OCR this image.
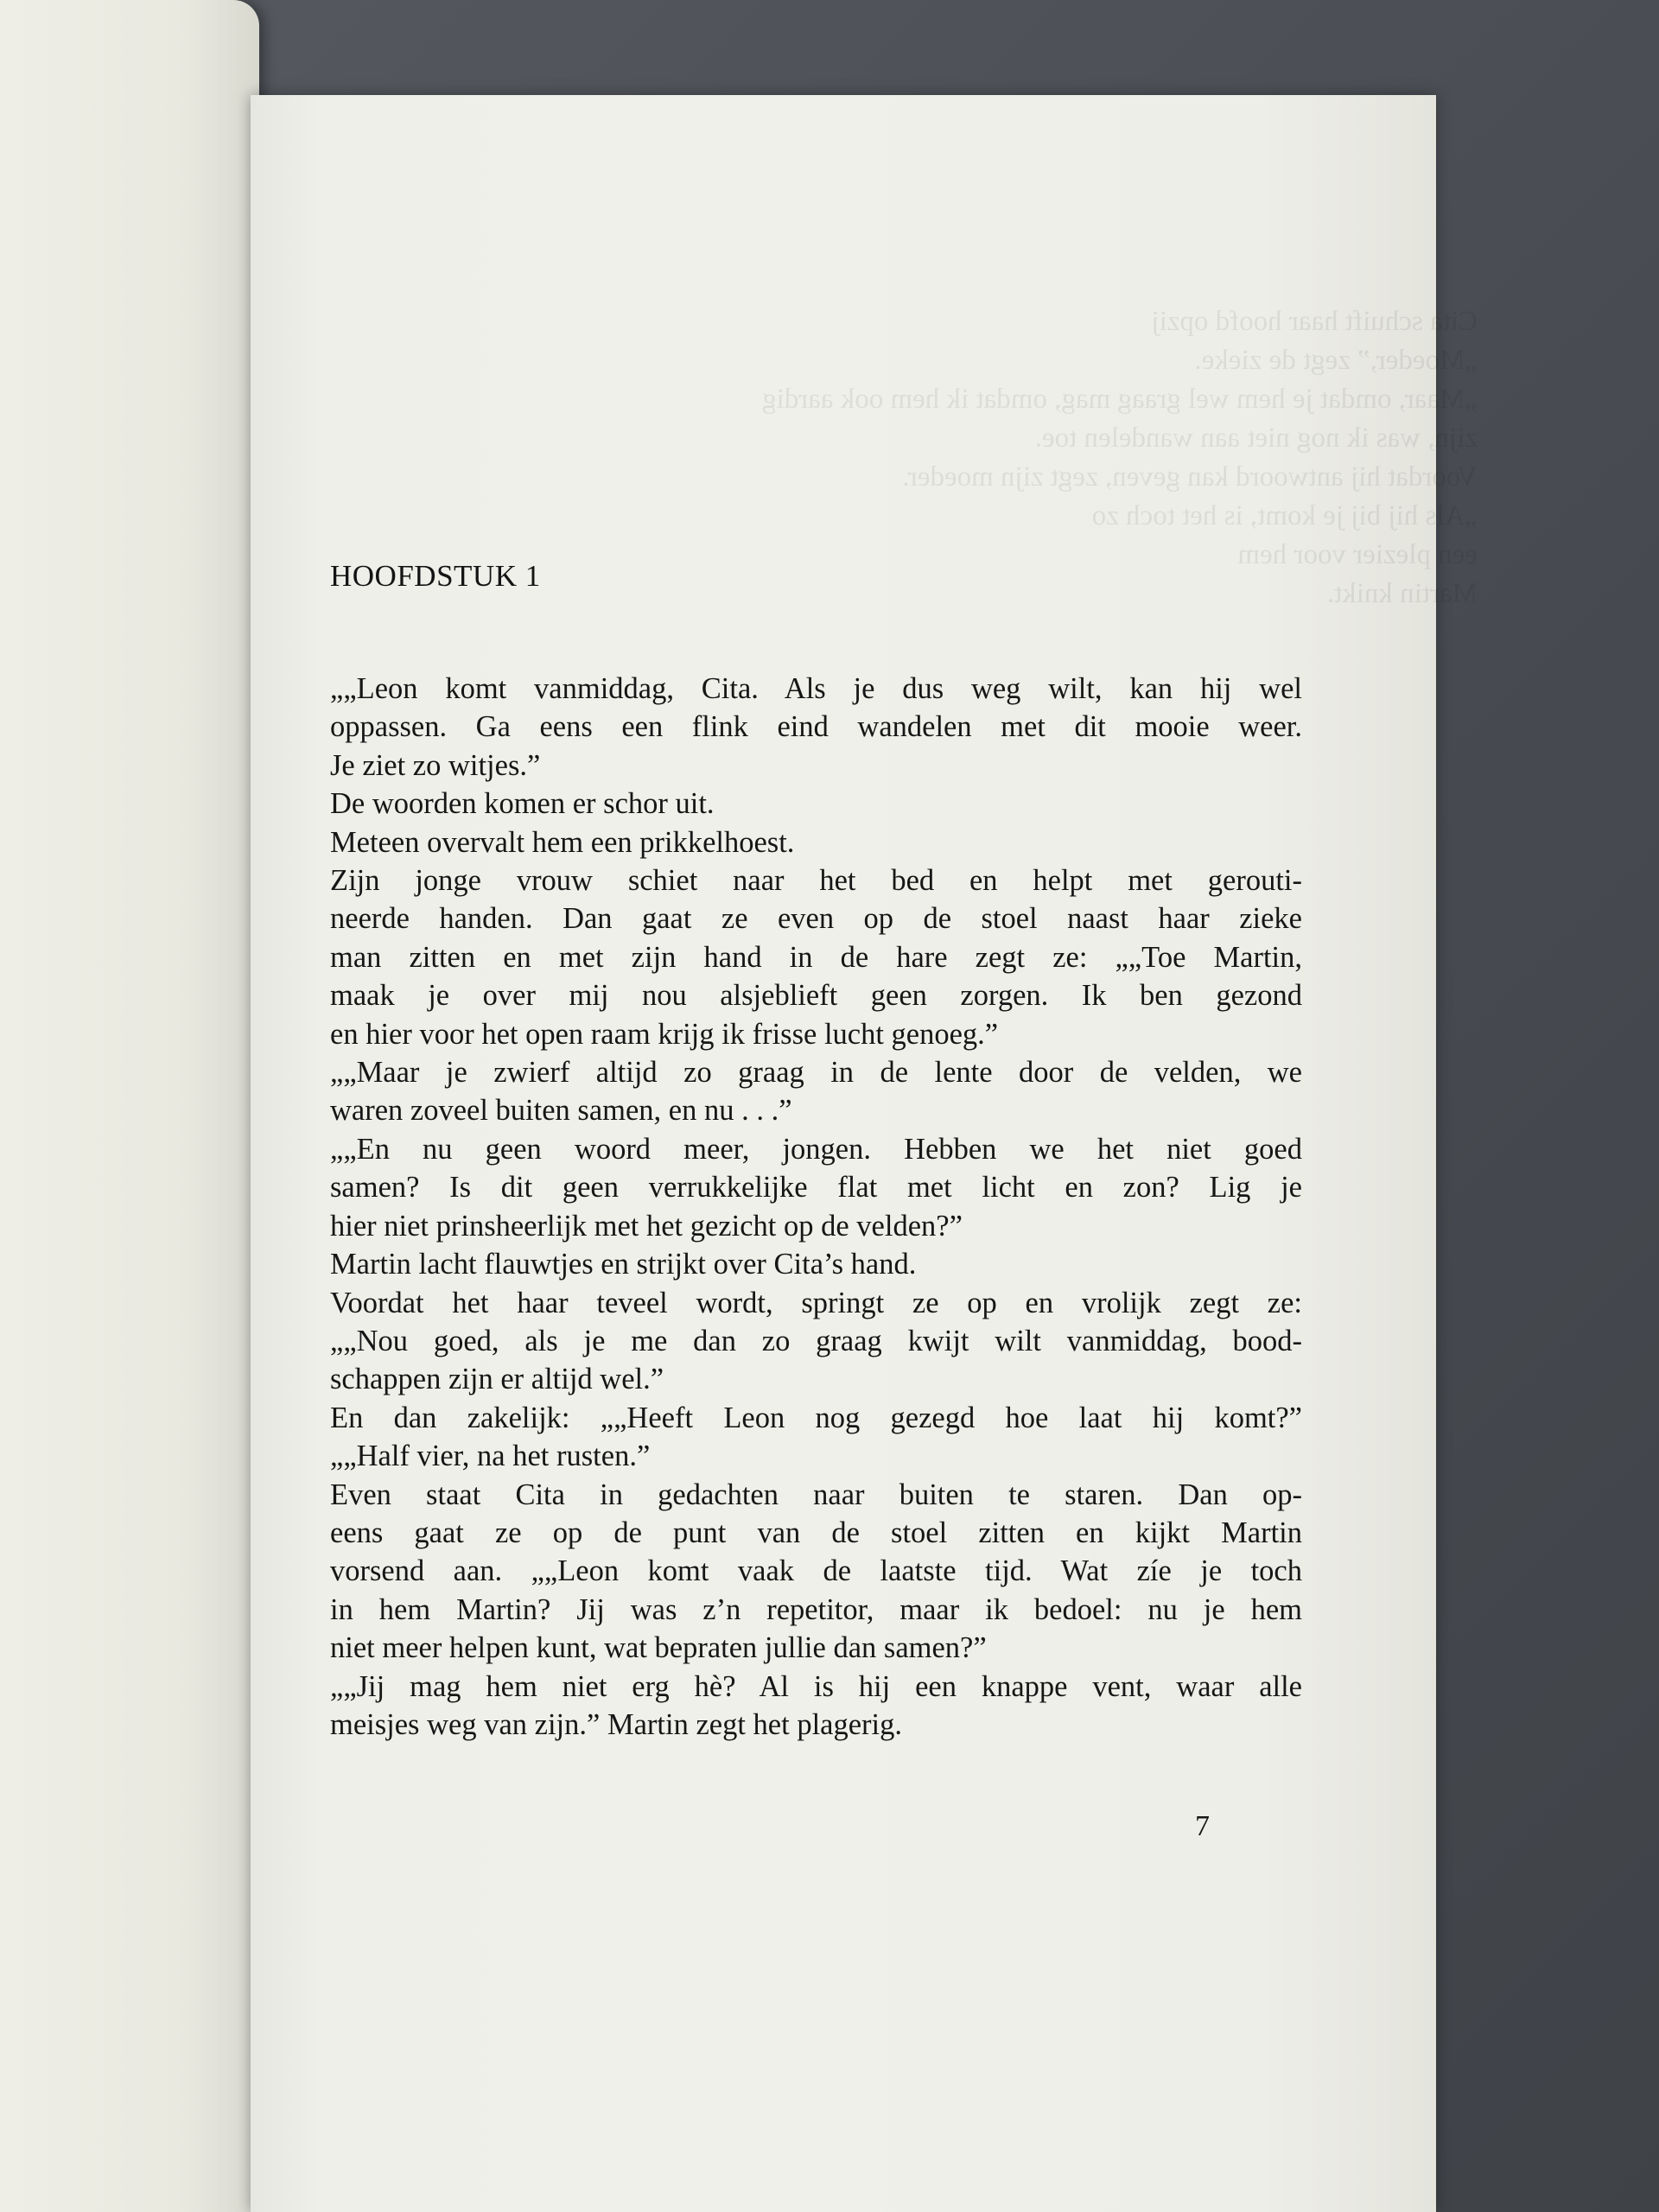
schuift haar hoofd opzij
„Moeder,” zegt de zieke.
omdat je hem wel graag mag, omdat ik hem ook aardig
was ik nog niet aan wandelen toe.
Voordat hij antwoord kan geven, zegt zijn moeder.
hij bij je komt, is het toch zo
plezier voor hem
knikt.
HOOFDSTUK 1
„„Leon komt vanmiddag, Cita. Als je dus weg wilt, kan hij wel
oppassen. Ga eens een flink eind wandelen met dit mooie weer.
Je ziet zo witjes.”
De woorden komen er schor uit.
Meteen overvalt hem een prikkelhoest.
Zijn jonge vrouw schiet naar het bed en helpt met gerouti-
neerde handen. Dan gaat ze even op de stoel naast haar zieke
man zitten en met zijn hand in de hare zegt ze: „„Toe Martin,
maak je over mij nou alsjeblieft geen zorgen. Ik ben gezond
en hier voor het open raam krijg ik frisse lucht genoeg.”
„„Maar je zwierf altijd zo graag in de lente door de velden, we
waren zoveel buiten samen, en nu . . .”
„„En nu geen woord meer, jongen. Hebben we het niet goed
samen? Is dit geen verrukkelijke flat met licht en zon? Lig je
hier niet prinsheerlijk met het gezicht op de velden?”
Martin lacht flauwtjes en strijkt over Cita’s hand.
Voordat het haar teveel wordt, springt ze op en vrolijk zegt ze:
„„Nou goed, als je me dan zo graag kwijt wilt vanmiddag, bood-
schappen zijn er altijd wel.”
En dan zakelijk: „„Heeft Leon nog gezegd hoe laat hij komt?”
„„Half vier, na het rusten.”
Even staat Cita in gedachten naar buiten te staren. Dan op-
eens gaat ze op de punt van de stoel zitten en kijkt Martin
vorsend aan. „„Leon komt vaak de laatste tijd. Wat zíe je toch
in hem Martin? Jij was z’n repetitor, maar ik bedoel: nu je hem
niet meer helpen kunt, wat bepraten jullie dan samen?”
„„Jij mag hem niet erg hè? Al is hij een knappe vent, waar alle
meisjes weg van zijn.” Martin zegt het plagerig.
7
